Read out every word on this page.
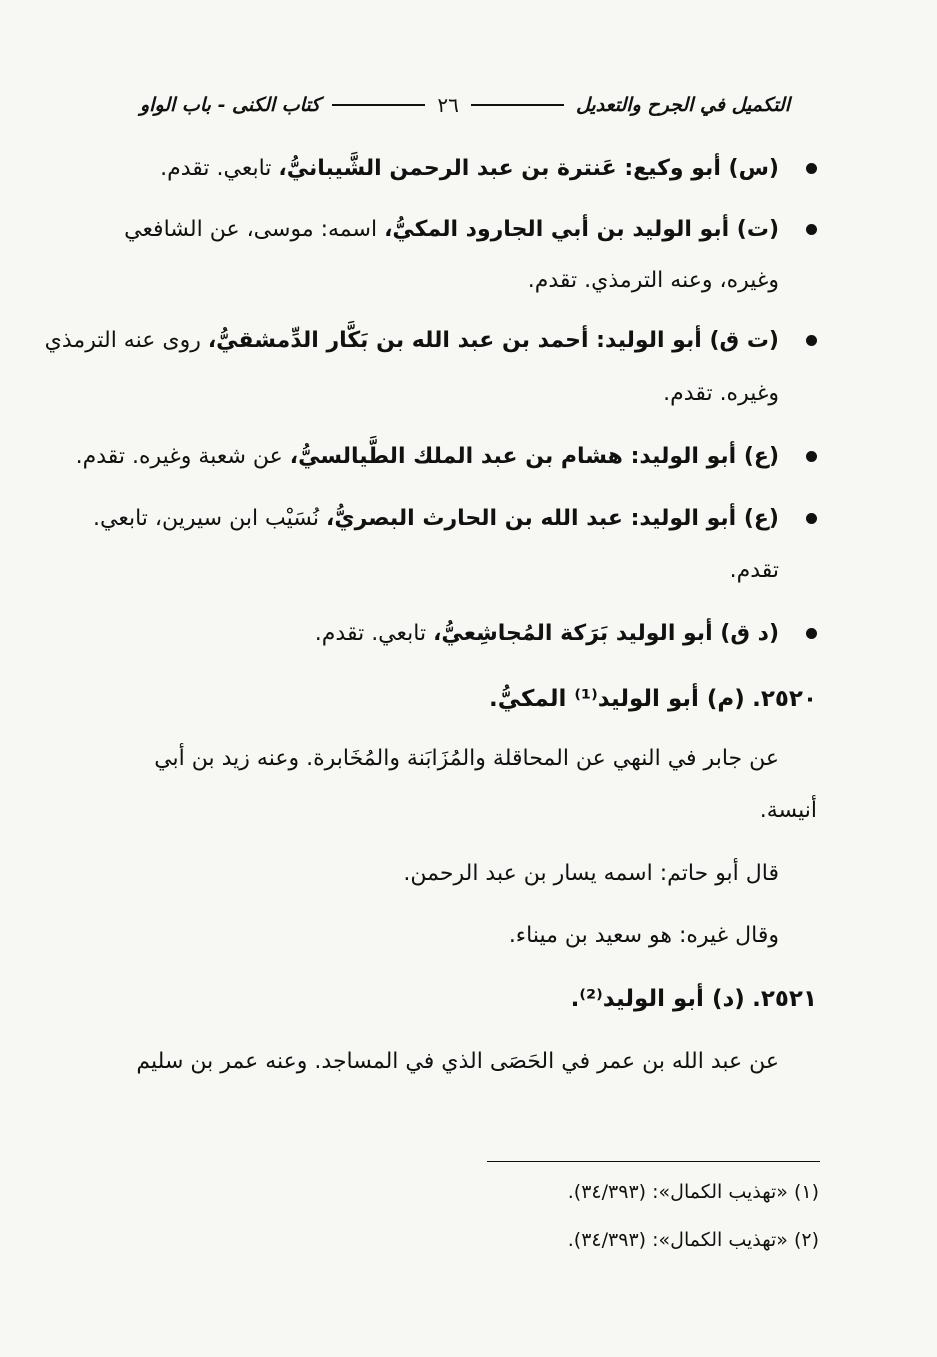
التكميل في الجرح والتعديل
٢٦
كتاب الكنى - باب الواو
(س) أبو وكيع: عَنترة بن عبد الرحمن الشَّيبانيُّ، تابعي. تقدم.
(ت) أبو الوليد بن أبي الجارود المكيُّ، اسمه: موسى، عن الشافعي
وغيره، وعنه الترمذي. تقدم.
(ت ق) أبو الوليد: أحمد بن عبد الله بن بَكَّار الدِّمشقيُّ، روى عنه الترمذي
وغيره. تقدم.
(ع) أبو الوليد: هشام بن عبد الملك الطَّيالسيُّ، عن شعبة وغيره. تقدم.
(ع) أبو الوليد: عبد الله بن الحارث البصريُّ، نُسَيْب ابن سيرين، تابعي.
تقدم.
(د ق) أبو الوليد بَرَكة المُجاشِعيُّ، تابعي. تقدم.
٢٥٢٠. (م) أبو الوليد⁽¹⁾ المكيُّ.
عن جابر في النهي عن المحاقلة والمُزَابَنة والمُخَابرة. وعنه زيد بن أبي
أنيسة.
قال أبو حاتم: اسمه يسار بن عبد الرحمن.
وقال غيره: هو سعيد بن ميناء.
٢٥٢١. (د) أبو الوليد⁽²⁾.
عن عبد الله بن عمر في الحَصَى الذي في المساجد. وعنه عمر بن سليم
(١) «تهذيب الكمال»: (٣٤/٣٩٣).
(٢) «تهذيب الكمال»: (٣٤/٣٩٣).
